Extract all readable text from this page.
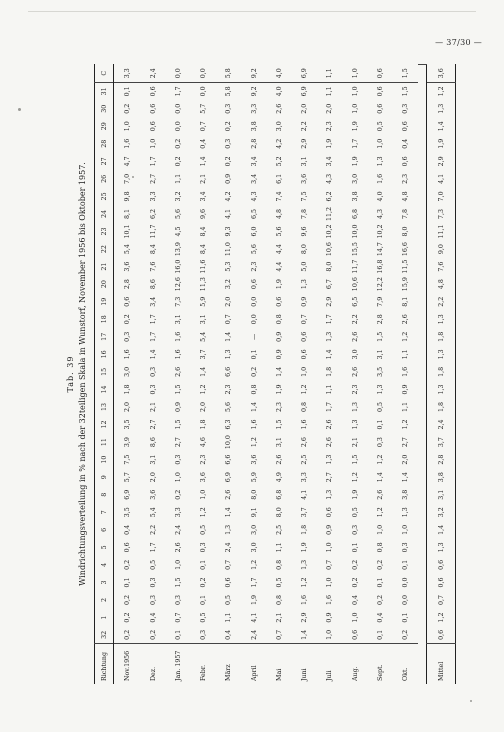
— 37/30 —
Tab. 39 Windrichtungsverteilung in % nach der 32teiligen Skala in Wunstorf, November 1956 bis Oktober 1957.
Richtung	32	1	2	3	4	5	6	7	8	9	10	11	12	13	14	15	16	17	18	19	20	21	22	23	24	25	26	27	28	29	30	31	C
Nov.1956	0,2	0,2	0,2	0,1	0,2	0,6	0,4	3,5	6,9	5,7	7,5	3,9	3,5	2,0	1,8	3,0	1,6	0,3	0,2	0,6	2,8	3,6	5,4	10,1	8,1	9,8	7,0	4,7	1,6	1,0	0,2	0,1	3,3
Dez.	0,2	0,4	0,3	0,3	0,5	1,7	2,2	5,4	3,6	2,0	3,1	8,6	2,7	2,1	0,3	0,3	1,4	1,7	1,7	3,4	8,6	7,6	8,4	11,7	6,2	3,3	2,7	1,7	1,0	0,6	0,6	0,6	2,4
Jan. 1957	0,1	0,7	0,3	1,5	1,0	2,6	2,4	3,3	0,2	1,0	0,3	2,7	1,5	0,9	1,5	2,6	1,6	1,6	3,1	7,3	12,6	16,0	13,9	4,5	5,6	3,2	1,1	0,2	0,2	0,0	0,0	1,7	0,0
Febr.	0,3	0,5	0,1	0,2	0,1	0,3	0,5	1,2	1,0	3,6	2,3	4,6	1,8	2,0	1,2	1,4	3,7	5,4	3,1	5,9	11,3	11,6	8,4	8,4	9,6	3,4	2,1	1,4	0,4	0,7	5,7	0,0	0,0
März	0,4	1,1	0,5	0,6	0,7	2,4	1,3	1,4	2,6	6,9	6,6	10,0	6,3	5,6	2,3	6,6	1,3	1,4	0,7	2,0	3,2	5,3	11,0	9,3	4,1	4,2	0,9	0,2	0,3	0,2	0,3	5,8	5,8
April	2,4	4,1	1,9	1,7	1,2	3,0	3,0	9,1	8,0	5,9	3,6	1,2	1,6	1,4	0,8	0,2	0,1	—	0,0	0,0	0,6	2,3	5,6	6,0	6,5	4,3	3,4	3,4	2,8	3,8	3,3	9,2	9,2
Mai	0,7	2,1	0,8	0,5	0,8	1,1	2,5	8,0	6,8	4,9	2,6	3,1	1,5	2,3	1,9	1,4	0,9	0,9	0,8	0,6	1,9	4,4	4,4	5,6	4,8	7,4	6,1	5,2	4,2	3,0	2,6	4,0	4,0
Juni	1,4	2,9	1,6	1,2	1,3	1,9	1,8	3,7	4,1	3,3	2,5	2,6	1,6	0,8	1,2	1,0	0,6	0,6	0,7	0,9	1,3	5,0	8,0	9,6	7,8	7,5	3,6	3,1	2,9	2,2	2,0	6,9	6,9
Juli	1,0	0,9	1,6	1,0	0,7	1,0	0,9	0,6	1,3	2,7	1,3	2,6	2,6	1,7	1,1	1,8	1,4	1,3	1,7	2,9	6,7	8,0	10,6	10,2	11,2	6,2	4,3	3,4	1,9	2,3	2,0	1,1	1,1
Aug.	0,6	1,0	0,4	0,2	0,2	0,1	0,3	0,5	1,9	1,2	1,5	2,1	1,3	1,3	2,3	2,6	3,0	2,6	2,2	6,5	10,6	11,7	15,5	10,0	6,8	3,8	3,0	1,9	1,7	1,9	1,0	1,0	1,0
Sept.	0,1	0,4	0,2	0,1	0,2	0,8	1,0	1,2	2,6	1,4	1,2	0,3	0,1	0,5	1,3	3,5	3,1	1,5	2,8	7,9	12,2	16,8	14,7	10,2	4,3	4,0	1,6	1,3	1,0	0,5	0,6	0,6	0,6
Okt.	0,2	0,1	0,0	0,0	0,1	0,3	1,0	1,3	3,8	1,4	2,0	2,7	1,2	1,1	0,9	1,6	1,1	1,2	2,6	8,1	15,9	11,5	16,6	8,0	7,8	4,8	2,3	0,6	0,4	0,6	0,3	1,5	1,5

Mittel	0,6	1,2	0,7	0,6	0,6	1,3	1,4	3,2	3,1	3,8	2,8	3,7	2,4	1,8	1,3	1,8	1,3	1,8	1,3	2,2	4,8	7,6	9,0	11,1	7,3	7,0	4,1	2,9	1,9	1,4	1,3	1,2	3,6
